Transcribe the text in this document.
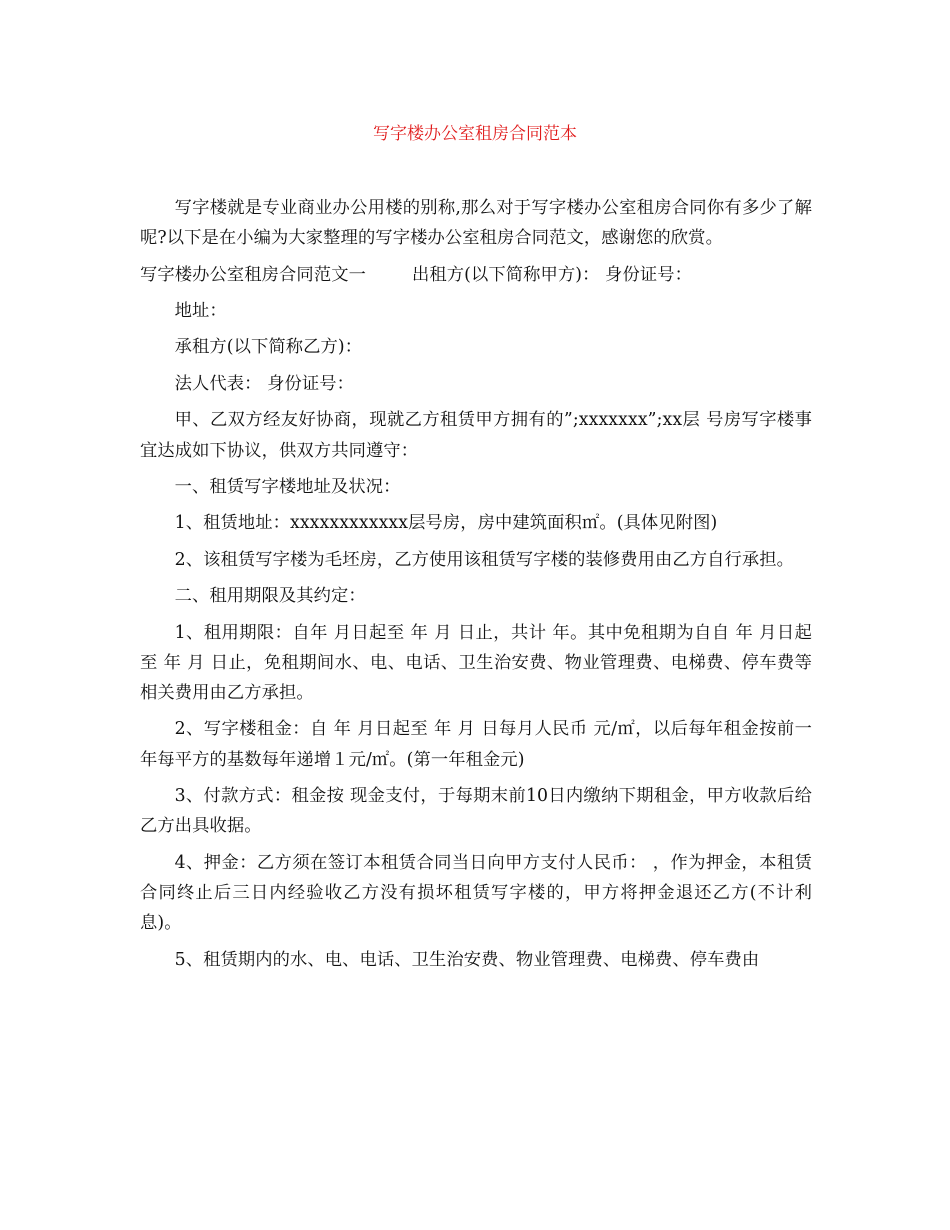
写字楼办公室租房合同范本

写字楼就是专业商业办公用楼的别称,那么对于写字楼办公室租房合同你有多少了解呢?以下是在小编为大家整理的写字楼办公室租房合同范文，感谢您的欣赏。

写字楼办公室租房合同范文一	出租方(以下简称甲方)： 身份证号：

地址：

承租方(以下简称乙方)：

法人代表： 身份证号：

甲、乙双方经友好协商，现就乙方租赁甲方拥有的”;xxxxxxx”;xx层 号房写字楼事宜达成如下协议，供双方共同遵守：

一、租赁写字楼地址及状况：

1、租赁地址：xxxxxxxxxxxx层号房，房中建筑面积㎡。(具体见附图)

2、该租赁写字楼为毛坯房，乙方使用该租赁写字楼的装修费用由乙方自行承担。

二、租用期限及其约定：

1、租用期限：自年 月日起至 年 月 日止，共计 年。其中免租期为自自 年 月日起至 年 月 日止，免租期间水、电、电话、卫生治安费、物业管理费、电梯费、停车费等相关费用由乙方承担。

2、写字楼租金：自 年 月日起至 年 月 日每月人民币 元/㎡，以后每年租金按前一年每平方的基数每年递增１元/㎡。(第一年租金元)

3、付款方式：租金按 现金支付，于每期末前10日内缴纳下期租金，甲方收款后给乙方出具收据。

4、押金：乙方须在签订本租赁合同当日向甲方支付人民币： ，作为押金，本租赁合同终止后三日内经验收乙方没有损坏租赁写字楼的，甲方将押金退还乙方(不计利息)。

5、租赁期内的水、电、电话、卫生治安费、物业管理费、电梯费、停车费由
